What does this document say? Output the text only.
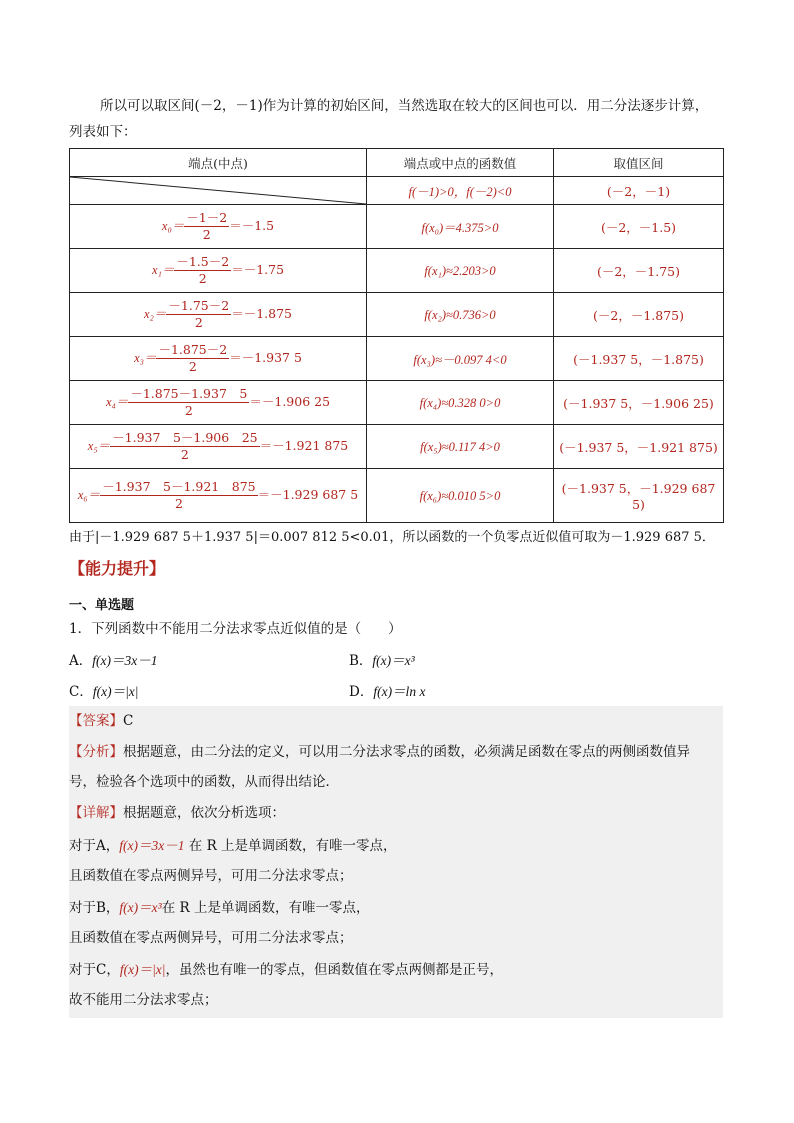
所以可以取区间(－2，－1)作为计算的初始区间，当然选取在较大的区间也可以．用二分法逐步计算，
列表如下：
端点(中点)	端点或中点的函数值	取值区间

	f(－1)>0，f(－2)<0	(－2，－1)
$x_0= \frac{-1-2}{2} =-1.5$	f(x₀)＝4.375>0	(－2，－1.5)
$x_1= \frac{-1.5-2}{2} =-1.75$	f(x₁)≈2.203>0	(－2，－1.75)
$x_2= \frac{-1.75-2}{2} =-1.875$	f(x₂)≈0.736>0	(－2，－1.875)
$x_3= \frac{-1.875-2}{2} =-1.937$ 5	f(x₃)≈－0.097 4<0	(－1.937 5，－1.875)
$x_4= \frac{-1.875-1.937 5}{2} =-1.906$ 25	f(x₄)≈0.328 0>0	(－1.937 5，－1.906 25)
$x_5= \frac{-1.937 5-1.906 25}{2} =-1.921$ 875	f(x₅)≈0.117 4>0	(－1.937 5，－1.921 875)
$x_6= \frac{-1.937 5-1.921 875}{2} =-1.929$ 687 5	f(x₆)≈0.010 5>0	(－1.937 5，－1.929 687 5)
由于|－1.929 687 5＋1.937 5|＝0.007 812 5<0.01，所以函数的一个负零点近似值可取为－1.929 687 5．
【能力提升】
一、单选题
1．下列函数中不能用二分法求零点近似值的是（　　）
A．f(x)＝3x－1	B．f(x)＝x³
C．f(x)＝|x|	D．f(x)＝ln x
【答案】C
【分析】根据题意，由二分法的定义，可以用二分法求零点的函数，必须满足函数在零点的两侧函数值异
号，检验各个选项中的函数，从而得出结论．
【详解】根据题意，依次分析选项：
对于A，f(x)＝3x－1 在 R 上是单调函数，有唯一零点，
且函数值在零点两侧异号，可用二分法求零点；
对于B，f(x)＝x³在 R 上是单调函数，有唯一零点，
且函数值在零点两侧异号，可用二分法求零点；
对于C，f(x)＝|x|，虽然也有唯一的零点，但函数值在零点两侧都是正号，
故不能用二分法求零点；
